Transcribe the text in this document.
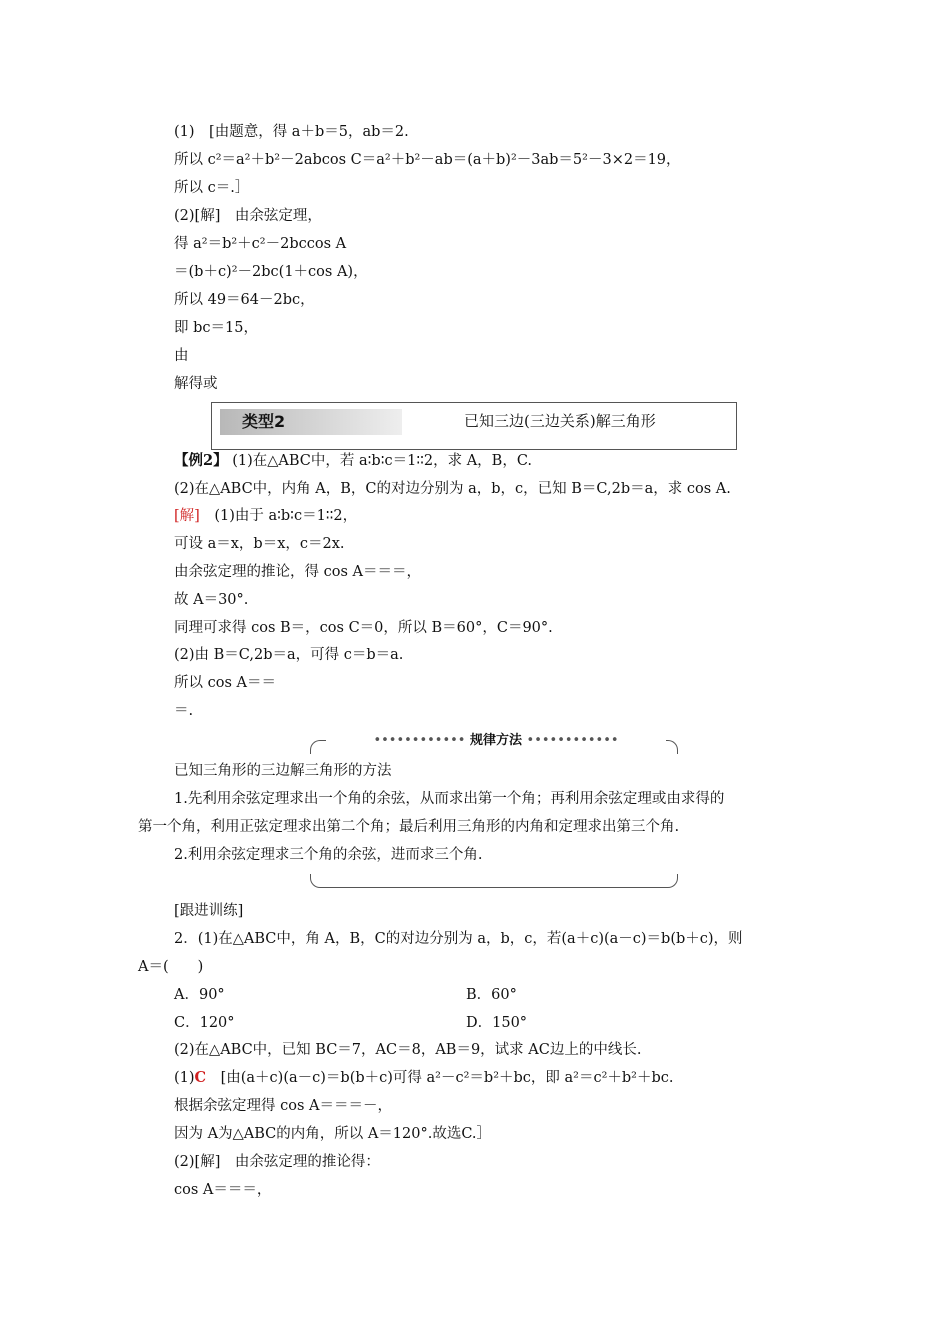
(1)　[由题意，得 a＋b＝5，ab＝2.
所以 c²＝a²＋b²－2abcos C＝a²＋b²－ab＝(a＋b)²－3ab＝5²－3×2＝19，
所以 c＝.］
(2)[解]　由余弦定理，
得 a²＝b²＋c²－2bccos A
＝(b＋c)²－2bc(1＋cos A)，
所以 49＝64－2bc，
即 bc＝15，
由
解得或
类型2	已知三边(三边关系)解三角形
【例2】 (1)在△ABC中，若 a∶b∶c＝1∶∶2，求 A，B，C.
(2)在△ABC中，内角 A，B，C的对边分别为 a，b，c，已知 B＝C,2b＝a，求 cos A.
[解]　 (1)由于 a∶b∶c＝1∶∶2，
可设 a＝x，b＝x，c＝2x.
由余弦定理的推论，得 cos A＝＝＝，
故 A＝30°.
同理可求得 cos B＝，cos C＝0，所以 B＝60°，C＝90°.
(2)由 B＝C,2b＝a，可得 c＝b＝a.
所以 cos A＝＝
＝.
•••••••••••• 规律方法 ••••••••••••
已知三角形的三边解三角形的方法
1.先利用余弦定理求出一个角的余弦，从而求出第一个角；再利用余弦定理或由求得的
第一个角，利用正弦定理求出第二个角；最后利用三角形的内角和定理求出第三个角.
2.利用余弦定理求三个角的余弦，进而求三个角.
[跟进训练]
2．(1)在△ABC中，角 A，B，C的对边分别为 a，b，c，若(a＋c)(a－c)＝b(b＋c)，则
A＝(　　)
A．90°	B．60°
C．120°	D．150°
(2)在△ABC中，已知 BC＝7，AC＝8，AB＝9，试求 AC边上的中线长.
(1)C　[由(a＋c)(a－c)＝b(b＋c)可得 a²－c²＝b²＋bc，即 a²＝c²＋b²＋bc.
根据余弦定理得 cos A＝＝＝－，
因为 A为△ABC的内角，所以 A＝120°.故选C.］
(2)[解]　由余弦定理的推论得：
cos A＝＝＝，
